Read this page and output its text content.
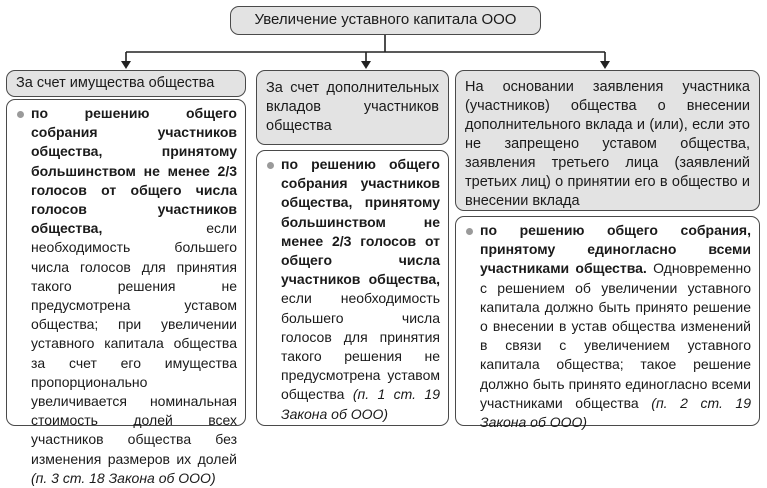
Увеличение уставного капитала ООО
За счет имущества общества
по решению общего собрания участников общества, принятому большинством не менее 2/3 голосов от общего числа голосов участников общества, если необходимость большего числа голосов для принятия такого решения не предусмотрена уставом общества; при увеличении уставного капитала общества за счет его имущества пропорционально увеличивается номинальная стоимость долей всех участников общества без изменения размеров их долей (п. 3 ст. 18 Закона об ООО)
За счет дополнительных вкладов участников общества
по решению общего собрания участников общества, принятому большинством не менее 2/3 голосов от общего числа участников общества, если необходимость большего числа голосов для принятия такого решения не предусмотрена уставом общества (п. 1 ст. 19 Закона об ООО)
На основании заявления участника (участников) общества о внесении дополнительного вклада и (или), если это не запрещено уставом общества, заявления третьего лица (заявлений третьих лиц) о принятии его в общество и внесении вклада
по решению общего собрания, принятому единогласно всеми участниками общества. Одновременно с решением об увеличении уставного капитала должно быть принято решение о внесении в устав общества изменений в связи с увеличением уставного капитала общества; такое решение должно быть принято единогласно всеми участниками общества (п. 2 ст. 19 Закона об ООО)
